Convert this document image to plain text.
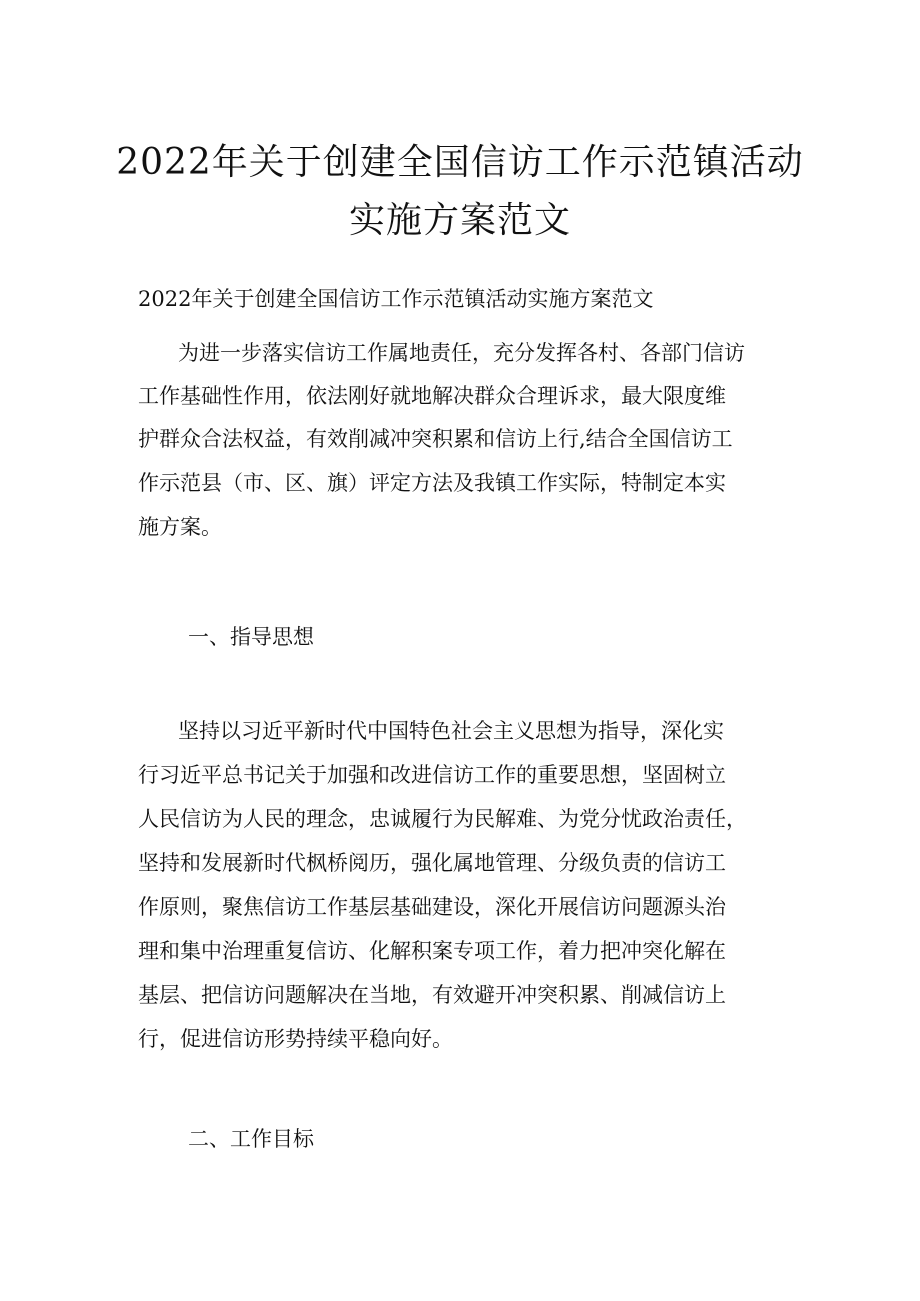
2022年关于创建全国信访工作示范镇活动
实施方案范文
2022年关于创建全国信访工作示范镇活动实施方案范文
为进一步落实信访工作属地责任，充分发挥各村、各部门信访
工作基础性作用，依法刚好就地解决群众合理诉求，最大限度维
护群众合法权益，有效削减冲突积累和信访上行,结合全国信访工
作示范县（市、区、旗）评定方法及我镇工作实际，特制定本实
施方案。
一、指导思想
坚持以习近平新时代中国特色社会主义思想为指导，深化实
行习近平总书记关于加强和改进信访工作的重要思想，坚固树立
人民信访为人民的理念，忠诚履行为民解难、为党分忧政治责任，
坚持和发展新时代枫桥阅历，强化属地管理、分级负责的信访工
作原则，聚焦信访工作基层基础建设，深化开展信访问题源头治
理和集中治理重复信访、化解积案专项工作，着力把冲突化解在
基层、把信访问题解决在当地，有效避开冲突积累、削减信访上
行，促进信访形势持续平稳向好。
二、工作目标
